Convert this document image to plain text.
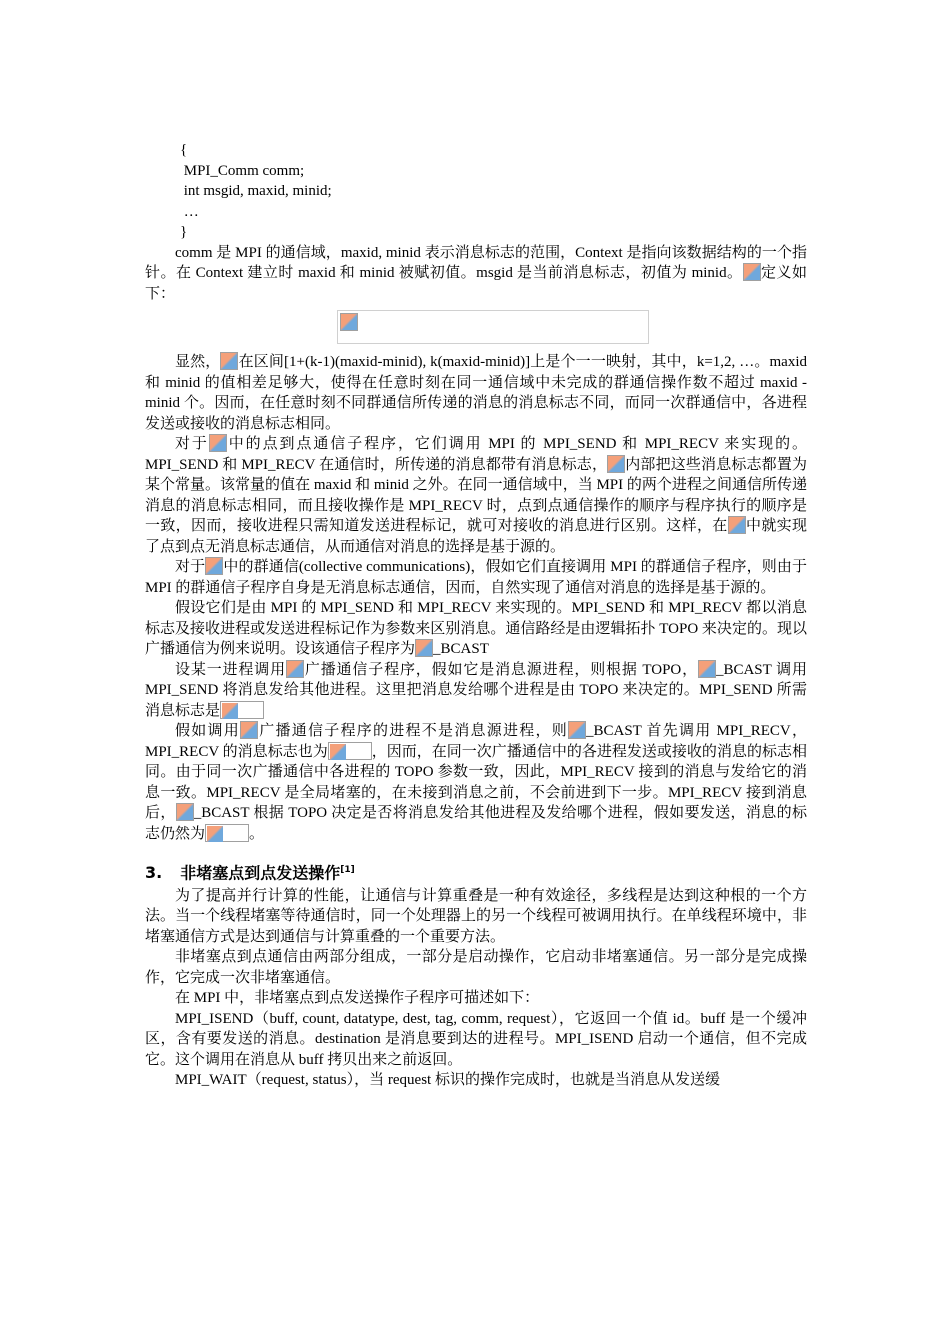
{
MPI_Comm comm;
int msgid, maxid, minid;
…
}

comm 是 MPI 的通信域，maxid, minid 表示消息标志的范围，Context 是指向该数据结构的一个指针。在 Context 建立时 maxid 和 minid 被赋初值。msgid 是当前消息标志，初值为 minid。 定义如下：

显然， 在区间[1+(k-1)(maxid-minid), k(maxid-minid)]上是个一一映射，其中，k=1,2, …。maxid 和 minid 的值相差足够大，使得在任意时刻在同一通信域中未完成的群通信操作数不超过 maxid - minid 个。因而，在任意时刻不同群通信所传递的消息的消息标志不同，而同一次群通信中，各进程发送或接收的消息标志相同。

对于 中的点到点通信子程序，它们调用 MPI 的 MPI_SEND 和 MPI_RECV 来实现的。MPI_SEND 和 MPI_RECV 在通信时，所传递的消息都带有消息标志， 内部把这些消息标志都置为某个常量。该常量的值在 maxid 和 minid 之外。在同一通信域中，当 MPI 的两个进程之间通信所传递消息的消息标志相同，而且接收操作是 MPI_RECV 时，点到点通信操作的顺序与程序执行的顺序是一致，因而，接收进程只需知道发送进程标记，就可对接收的消息进行区别。这样，在 中就实现了点到点无消息标志通信，从而通信对消息的选择是基于源的。

对于 中的群通信(collective communications)，假如它们直接调用 MPI 的群通信子程序，则由于 MPI 的群通信子程序自身是无消息标志通信，因而，自然实现了通信对消息的选择是基于源的。

假设它们是由 MPI 的 MPI_SEND 和 MPI_RECV 来实现的。MPI_SEND 和 MPI_RECV 都以消息标志及接收进程或发送进程标记作为参数来区别消息。通信路经是由逻辑拓扑 TOPO 来决定的。现以广播通信为例来说明。设该通信子程序为 _BCAST

设某一进程调用 广播通信子程序，假如它是消息源进程，则根据 TOPO， _BCAST 调用 MPI_SEND 将消息发给其他进程。这里把消息发给哪个进程是由 TOPO 来决定的。MPI_SEND 所需消息标志是

假如调用 广播通信子程序的进程不是消息源进程，则 _BCAST 首先调用 MPI_RECV，MPI_RECV 的消息标志也为	，因而，在同一次广播通信中的各进程发送或接收的消息的标志相同。由于同一次广播通信中各进程的 TOPO 参数一致，因此，MPI_RECV 接到的消息与发给它的消息一致。MPI_RECV 是全局堵塞的，在未接到消息之前，不会前进到下一步。MPI_RECV 接到消息后， _BCAST 根据 TOPO 决定是否将消息发给其他进程及发给哪个进程，假如要发送，消息的标志仍然为	。

3. 非堵塞点到点发送操作[1]

为了提高并行计算的性能，让通信与计算重叠是一种有效途径，多线程是达到这种根的一个方法。当一个线程堵塞等待通信时，同一个处理器上的另一个线程可被调用执行。在单线程环境中，非堵塞通信方式是达到通信与计算重叠的一个重要方法。

非堵塞点到点通信由两部分组成，一部分是启动操作，它启动非堵塞通信。另一部分是完成操作，它完成一次非堵塞通信。

在 MPI 中，非堵塞点到点发送操作子程序可描述如下：

MPI_ISEND（buff, count, datatype, dest, tag, comm, request），它返回一个值 id。buff 是一个缓冲区，含有要发送的消息。destination 是消息要到达的进程号。MPI_ISEND 启动一个通信，但不完成它。这个调用在消息从 buff 拷贝出来之前返回。

MPI_WAIT（request, status），当 request 标识的操作完成时，也就是当消息从发送缓
